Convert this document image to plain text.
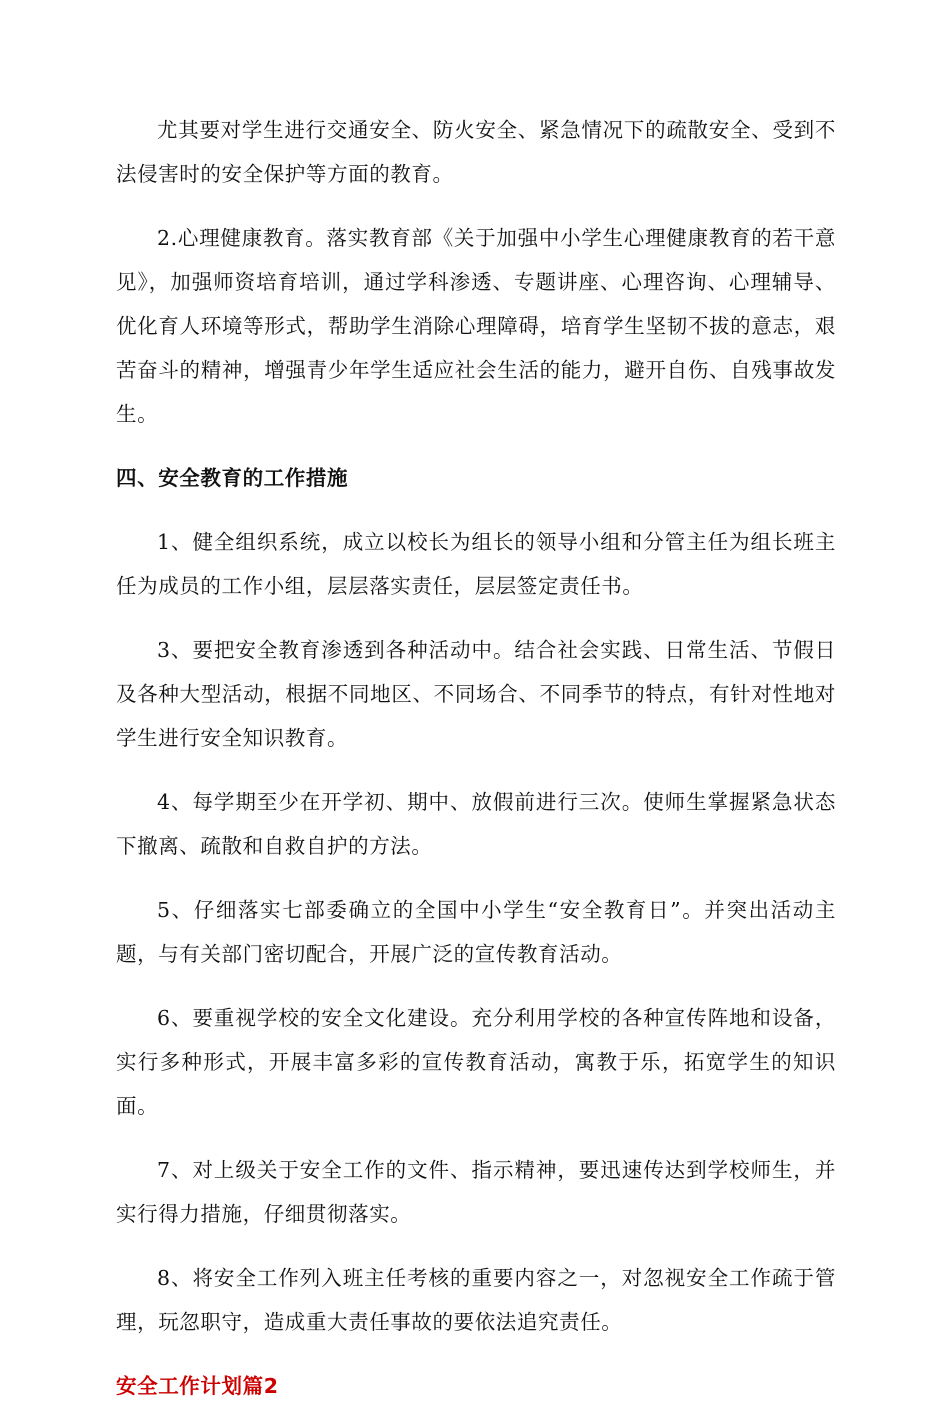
尤其要对学生进行交通安全、防火安全、紧急情况下的疏散安全、受到不法侵害时的安全保护等方面的教育。

2.心理健康教育。落实教育部《关于加强中小学生心理健康教育的若干意见》，加强师资培育培训，通过学科渗透、专题讲座、心理咨询、心理辅导、优化育人环境等形式，帮助学生消除心理障碍，培育学生坚韧不拔的意志，艰苦奋斗的精神，增强青少年学生适应社会生活的能力，避开自伤、自残事故发生。

四、安全教育的工作措施

1、健全组织系统，成立以校长为组长的领导小组和分管主任为组长班主任为成员的工作小组，层层落实责任，层层签定责任书。

3、要把安全教育渗透到各种活动中。结合社会实践、日常生活、节假日及各种大型活动，根据不同地区、不同场合、不同季节的特点，有针对性地对学生进行安全知识教育。

4、每学期至少在开学初、期中、放假前进行三次。使师生掌握紧急状态下撤离、疏散和自救自护的方法。

5、仔细落实七部委确立的全国中小学生“安全教育日”。并突出活动主题，与有关部门密切配合，开展广泛的宣传教育活动。

6、要重视学校的安全文化建设。充分利用学校的各种宣传阵地和设备，实行多种形式，开展丰富多彩的宣传教育活动，寓教于乐，拓宽学生的知识面。

7、对上级关于安全工作的文件、指示精神，要迅速传达到学校师生，并实行得力措施，仔细贯彻落实。

8、将安全工作列入班主任考核的重要内容之一，对忽视安全工作疏于管理，玩忽职守，造成重大责任事故的要依法追究责任。

安全工作计划篇2
